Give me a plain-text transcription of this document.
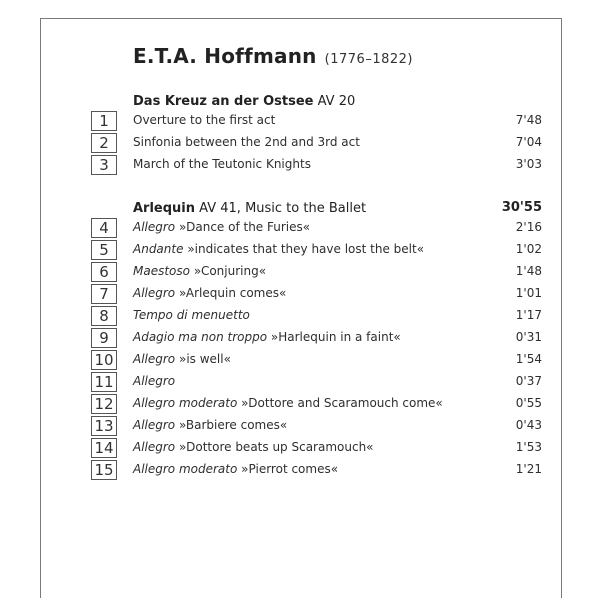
E.T.A. Hoffmann (1776–1822)
Das Kreuz an der Ostsee AV 20
1	Overture to the first act	7'48
2	Sinfonia between the 2nd and 3rd act	7'04
3	March of the Teutonic Knights	3'03
Arlequin AV 41, Music to the Ballet	30'55
4	Allegro »Dance of the Furies«	2'16
5	Andante »indicates that they have lost the belt«	1'02
6	Maestoso »Conjuring«	1'48
7	Allegro »Arlequin comes«	1'01
8	Tempo di menuetto	1'17
9	Adagio ma non troppo »Harlequin in a faint«	0'31
10 Allegro »is well«	1'54
11 Allegro	0'37
12 Allegro moderato »Dottore and Scaramouch come«	0'55
13 Allegro »Barbiere comes«	0'43
14 Allegro »Dottore beats up Scaramouch«	1'53
15 Allegro moderato »Pierrot comes«	1'21
